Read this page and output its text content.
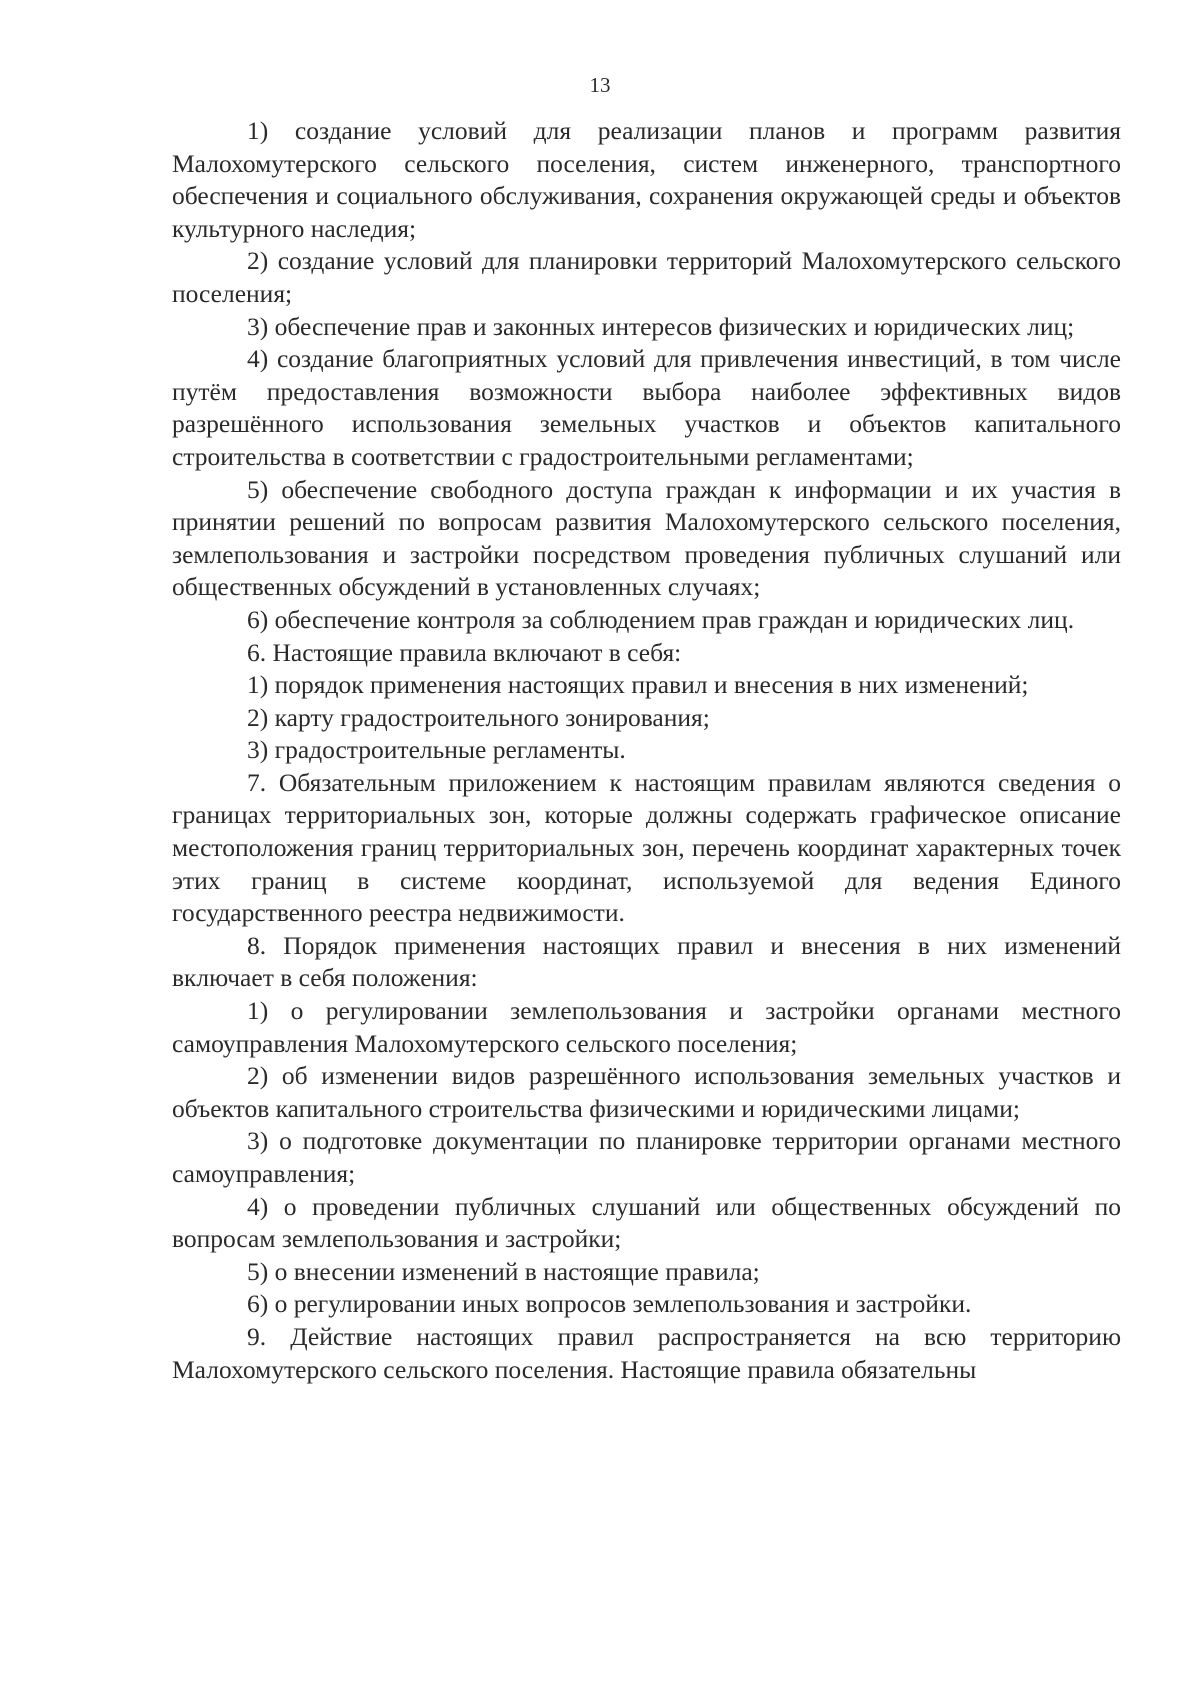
13

1) создание условий для реализации планов и программ развития Малохомутерского сельского поселения, систем инженерного, транспортного обеспечения и социального обслуживания, сохранения окружающей среды и объектов культурного наследия;

2) создание условий для планировки территорий Малохомутерского сельского поселения;

3) обеспечение прав и законных интересов физических и юридических лиц;

4) создание благоприятных условий для привлечения инвестиций, в том числе путём предоставления возможности выбора наиболее эффективных видов разрешённого использования земельных участков и объектов капитального строительства в соответствии с градостроительными регламентами;

5) обеспечение свободного доступа граждан к информации и их участия в принятии решений по вопросам развития Малохомутерского сельского поселения, землепользования и застройки посредством проведения публичных слушаний или общественных обсуждений в установленных случаях;

6) обеспечение контроля за соблюдением прав граждан и юридических лиц.

6. Настоящие правила включают в себя:

1) порядок применения настоящих правил и внесения в них изменений;

2) карту градостроительного зонирования;

3) градостроительные регламенты.

7. Обязательным приложением к настоящим правилам являются сведения о границах территориальных зон, которые должны содержать графическое описание местоположения границ территориальных зон, перечень координат характерных точек этих границ в системе координат, используемой для ведения Единого государственного реестра недвижимости.

8. Порядок применения настоящих правил и внесения в них изменений включает в себя положения:

1) о регулировании землепользования и застройки органами местного самоуправления Малохомутерского сельского поселения;

2) об изменении видов разрешённого использования земельных участков и объектов капитального строительства физическими и юридическими лицами;

3) о подготовке документации по планировке территории органами местного самоуправления;

4) о проведении публичных слушаний или общественных обсуждений по вопросам землепользования и застройки;

5) о внесении изменений в настоящие правила;

6) о регулировании иных вопросов землепользования и застройки.

9. Действие настоящих правил распространяется на всю территорию Малохомутерского сельского поселения. Настоящие правила обязательны
